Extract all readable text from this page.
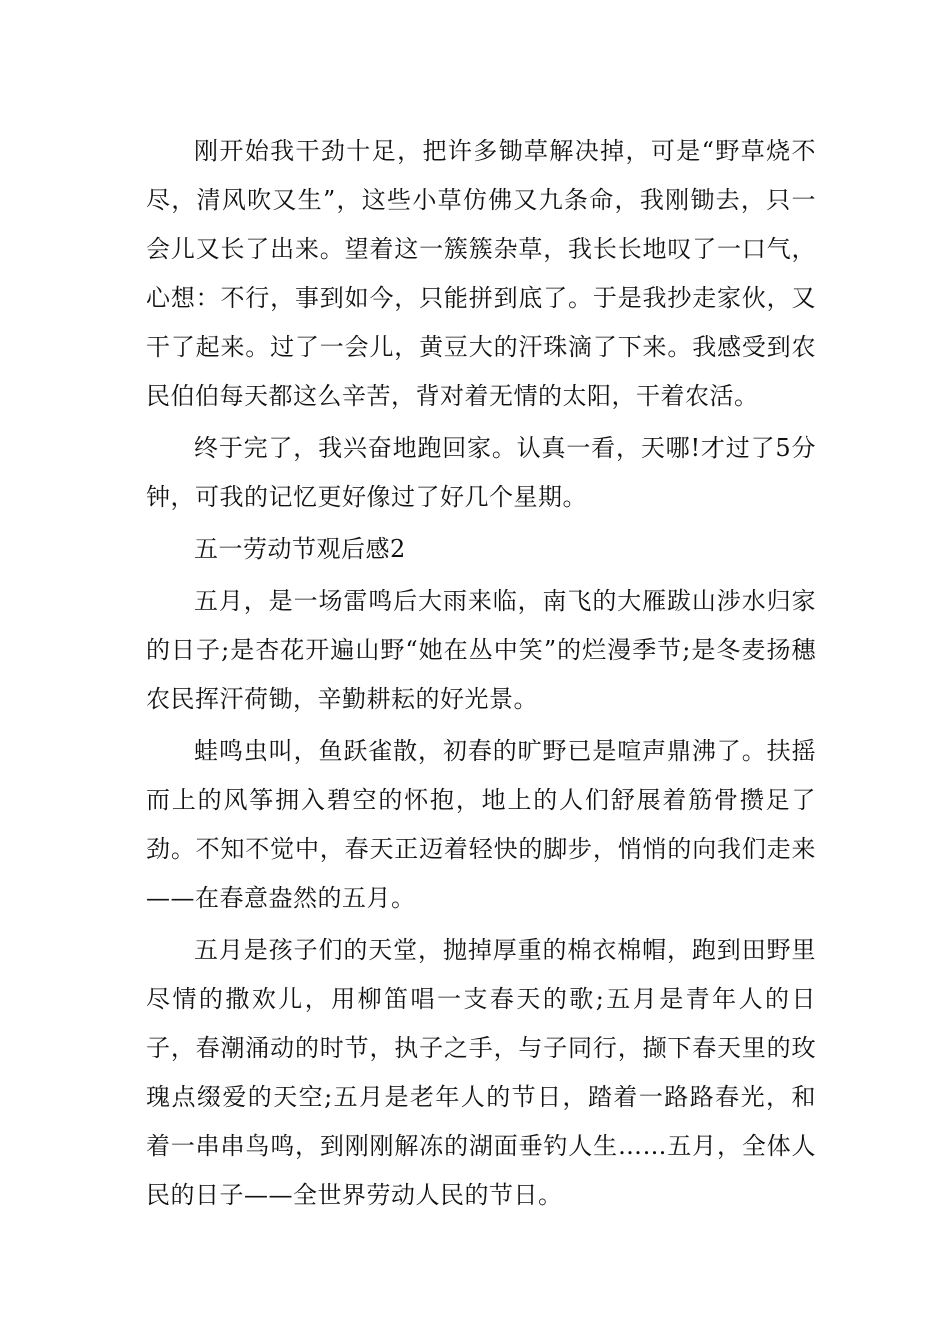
刚开始我干劲十足，把许多锄草解决掉，可是“野草烧不尽，清风吹又生”，这些小草仿佛又九条命，我刚锄去，只一会儿又长了出来。望着这一簇簇杂草，我长长地叹了一口气，心想：不行，事到如今，只能拼到底了。于是我抄走家伙，又干了起来。过了一会儿，黄豆大的汗珠滴了下来。我感受到农民伯伯每天都这么辛苦，背对着无情的太阳，干着农活。

终于完了，我兴奋地跑回家。认真一看，天哪!才过了5分钟，可我的记忆更好像过了好几个星期。

五一劳动节观后感2

五月，是一场雷鸣后大雨来临，南飞的大雁跋山涉水归家的日子;是杏花开遍山野“她在丛中笑”的烂漫季节;是冬麦扬穗农民挥汗荷锄，辛勤耕耘的好光景。

蛙鸣虫叫，鱼跃雀散，初春的旷野已是喧声鼎沸了。扶摇而上的风筝拥入碧空的怀抱，地上的人们舒展着筋骨攒足了劲。不知不觉中，春天正迈着轻快的脚步，悄悄的向我们走来——在春意盎然的五月。

五月是孩子们的天堂，抛掉厚重的棉衣棉帽，跑到田野里尽情的撒欢儿，用柳笛唱一支春天的歌;五月是青年人的日子，春潮涌动的时节，执子之手，与子同行，撷下春天里的玫瑰点缀爱的天空;五月是老年人的节日，踏着一路路春光，和着一串串鸟鸣，到刚刚解冻的湖面垂钓人生……五月，全体人民的日子——全世界劳动人民的节日。
